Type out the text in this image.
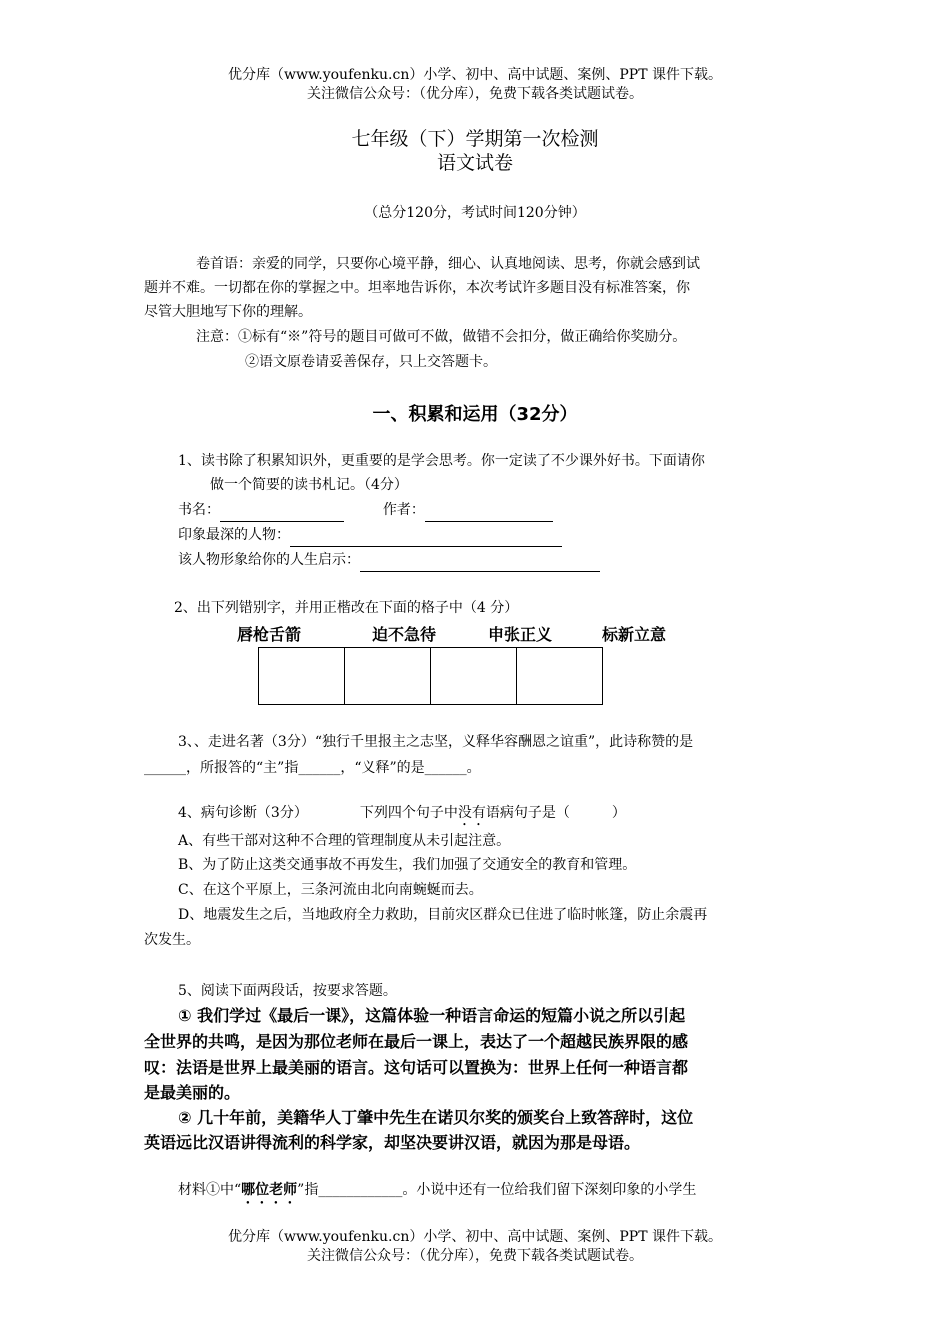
优分库（www.youfenku.cn）小学、初中、高中试题、案例、PPT 课件下载。
关注微信公众号：（优分库），免费下载各类试题试卷。
七年级（下）学期第一次检测
语文试卷
（总分120分，考试时间120分钟）
卷首语：亲爱的同学，只要你心境平静，细心、认真地阅读、思考，你就会感到试
题并不难。一切都在你的掌握之中。坦率地告诉你，本次考试许多题目没有标准答案，你
尽管大胆地写下你的理解。
注意：①标有“※”符号的题目可做可不做，做错不会扣分，做正确给你奖励分。
②语文原卷请妥善保存，只上交答题卡。
一、积累和运用（32分）
1、读书除了积累知识外，更重要的是学会思考。你一定读了不少课外好书。下面请你
做一个简要的读书札记。（4分）
书名：	作者：
印象最深的人物：
该人物形象给你的人生启示：
2、出下列错别字，并用正楷改在下面的格子中（4 分）
唇枪舌箭	迫不急待	申张正义	标新立意
3、、走进名著（3分）“独行千里报主之志坚，义释华容酬恩之谊重”，此诗称赞的是
______，所报答的“主”指______，“义释”的是______。
4、病句诊断（3分）	下列四个句子中没有语病句子是（　　　）
A、有些干部对这种不合理的管理制度从未引起注意。
B、为了防止这类交通事故不再发生，我们加强了交通安全的教育和管理。
C、在这个平原上，三条河流由北向南蜿蜒而去。
D、地震发生之后，当地政府全力救助，目前灾区群众已住进了临时帐篷，防止余震再
次发生。
5、阅读下面两段话，按要求答题。
① 我们学过《最后一课》，这篇体验一种语言命运的短篇小说之所以引起
全世界的共鸣，是因为那位老师在最后一课上，表达了一个超越民族界限的感
叹：法语是世界上最美丽的语言。这句话可以置换为：世界上任何一种语言都
是最美丽的。
② 几十年前，美籍华人丁肇中先生在诺贝尔奖的颁奖台上致答辞时，这位
英语远比汉语讲得流利的科学家，却坚决要讲汉语，就因为那是母语。
材料①中“哪位老师”指____________。小说中还有一位给我们留下深刻印象的小学生
优分库（www.youfenku.cn）小学、初中、高中试题、案例、PPT 课件下载。
关注微信公众号：（优分库），免费下载各类试题试卷。
